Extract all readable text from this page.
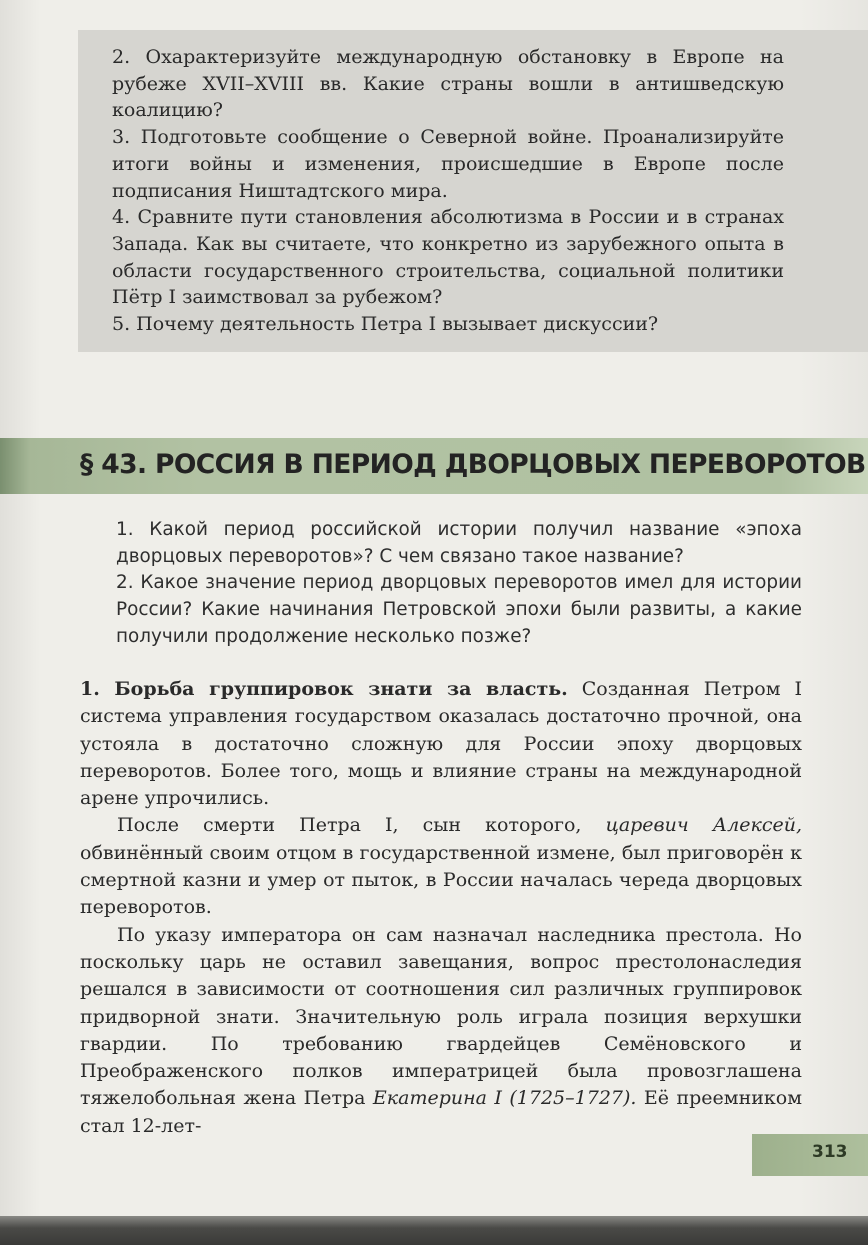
2. Охарактеризуйте международную обстановку в Европе на рубеже XVII–XVIII вв. Какие страны вошли в антишведскую коалицию?

3. Подготовьте сообщение о Северной войне. Проанализируйте итоги войны и изменения, происшедшие в Европе после подписания Ништадтского мира.

4. Сравните пути становления абсолютизма в России и в странах Запада. Как вы считаете, что конкретно из зарубежного опыта в области государственного строительства, социальной политики Пётр I заимствовал за рубежом?

5. Почему деятельность Петра I вызывает дискуссии?

§ 43. РОССИЯ В ПЕРИОД ДВОРЦОВЫХ ПЕРЕВОРОТОВ

1. Какой период российской истории получил название «эпоха дворцовых переворотов»? С чем связано такое название?

2. Какое значение период дворцовых переворотов имел для истории России? Какие начинания Петровской эпохи были развиты, а какие получили продолжение несколько позже?

1. Борьба группировок знати за власть. Созданная Петром I система управления государством оказалась достаточно прочной, она устояла в достаточно сложную для России эпоху дворцовых переворотов. Более того, мощь и влияние страны на международной арене упрочились.

После смерти Петра I, сын которого, царевич Алексей, обвинённый своим отцом в государственной измене, был приговорён к смертной казни и умер от пыток, в России началась череда дворцовых переворотов.

По указу императора он сам назначал наследника престола. Но поскольку царь не оставил завещания, вопрос престолонаследия решался в зависимости от соотношения сил различных группировок придворной знати. Значительную роль играла позиция верхушки гвардии. По требованию гвардейцев Семёновского и Преображенского полков императрицей была провозглашена тяжелобольная жена Петра Екатерина I (1725–1727). Её преемником стал 12-лет-

313
